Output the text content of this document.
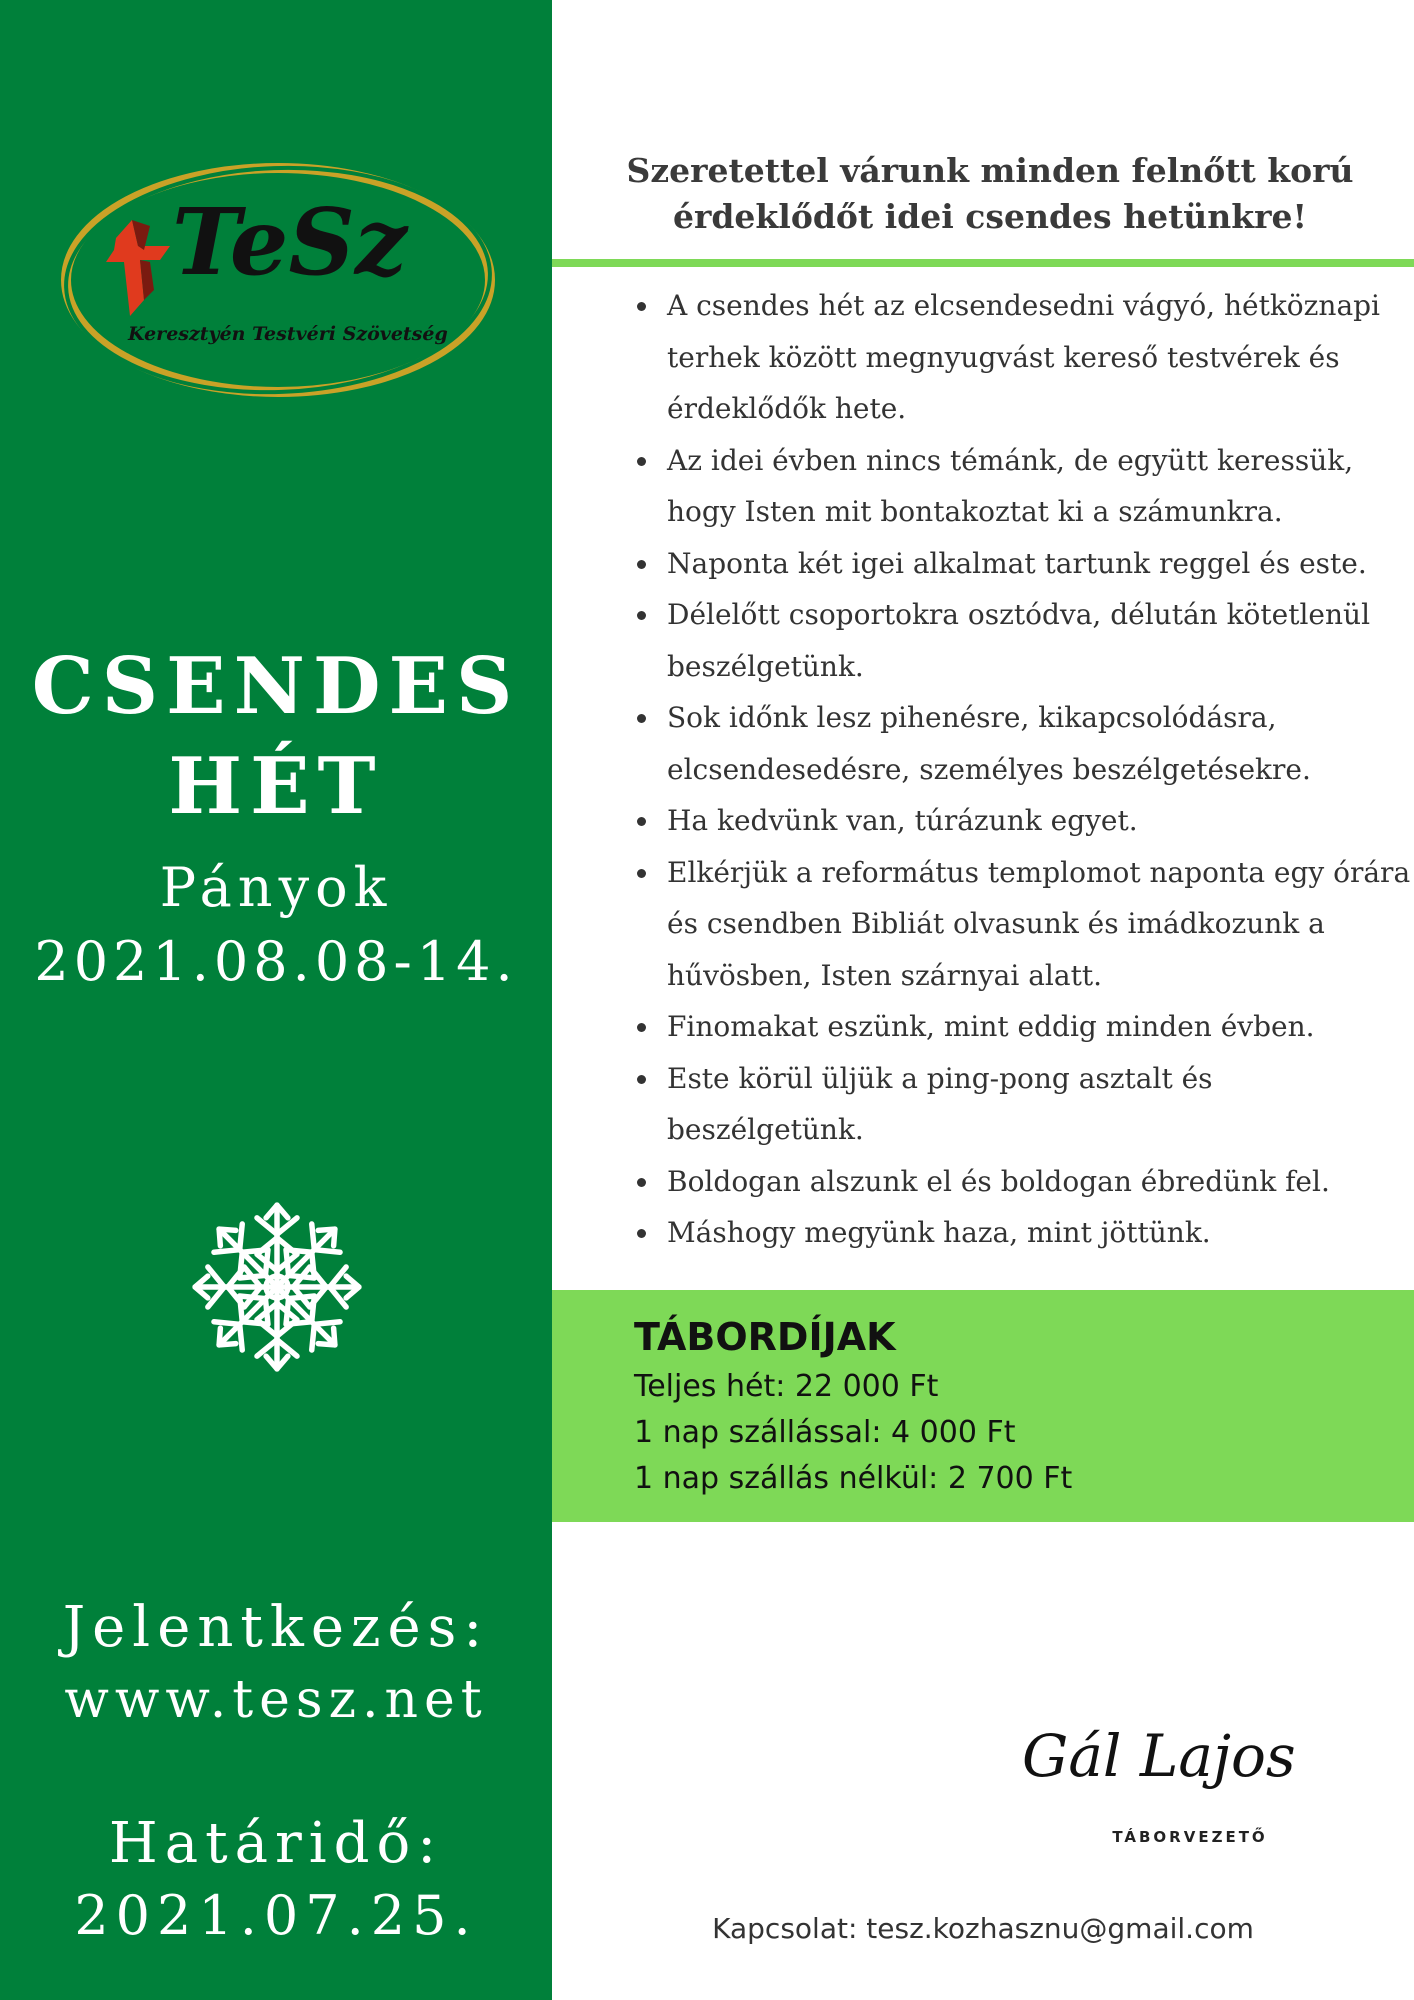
TeSz
Keresztyén Testvéri Szövetség
CSENDES
HÉT
Pányok
2021.08.08-14.
Jelentkezés:
www.tesz.net
Határidő:
2021.07.25.
Szeretettel várunk minden felnőtt korú érdeklődőt idei csendes hetünkre!
• A csendes hét az elcsendesedni vágyó, hétköznapi terhek között megnyugvást kereső testvérek és érdeklődők hete.
• Az idei évben nincs témánk, de együtt keressük, hogy Isten mit bontakoztat ki a számunkra.
• Naponta két igei alkalmat tartunk reggel és este.
• Délelőtt csoportokra osztódva, délután kötetlenül beszélgetünk.
• Sok időnk lesz pihenésre, kikapcsolódásra, elcsendesedésre, személyes beszélgetésekre.
• Ha kedvünk van, túrázunk egyet.
• Elkérjük a református templomot naponta egy órára és csendben Bibliát olvasunk és imádkozunk a hűvösben, Isten szárnyai alatt.
• Finomakat eszünk, mint eddig minden évben.
• Este körül üljük a ping-pong asztalt és beszélgetünk.
• Boldogan alszunk el és boldogan ébredünk fel.
• Máshogy megyünk haza, mint jöttünk.
TÁBORDÍJAK
Teljes hét: 22 000 Ft
1 nap szállással: 4 000 Ft
1 nap szállás nélkül: 2 700 Ft
Gál Lajos
TÁBORVEZETŐ
Kapcsolat: tesz.kozhasznu@gmail.com
